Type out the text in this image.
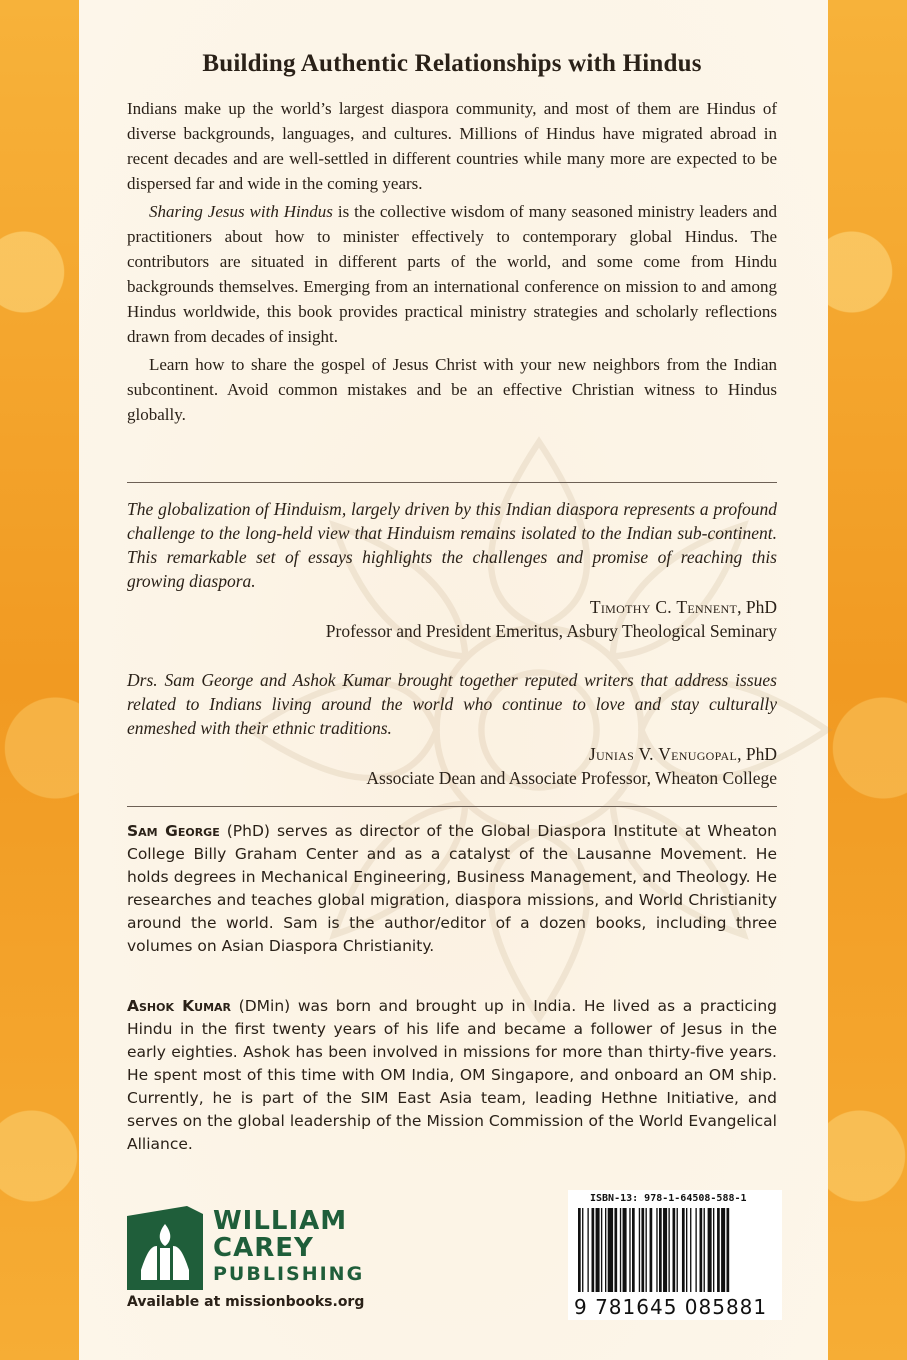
Building Authentic Relationships with Hindus

Indians make up the world’s largest diaspora community, and most of them are Hindus of diverse backgrounds, languages, and cultures. Millions of Hindus have migrated abroad in recent decades and are well-settled in different countries while many more are expected to be dispersed far and wide in the coming years.

Sharing Jesus with Hindus is the collective wisdom of many seasoned ministry leaders and practitioners about how to minister effectively to contemporary global Hindus. The contributors are situated in different parts of the world, and some come from Hindu backgrounds themselves. Emerging from an international conference on mission to and among Hindus worldwide, this book provides practical ministry strategies and scholarly reflections drawn from decades of insight.

Learn how to share the gospel of Jesus Christ with your new neighbors from the Indian subcontinent. Avoid common mistakes and be an effective Christian witness to Hindus globally.

The globalization of Hinduism, largely driven by this Indian diaspora represents a profound challenge to the long-held view that Hinduism remains isolated to the Indian sub-continent. This remarkable set of essays highlights the challenges and promise of reaching this growing diaspora.

Timothy C. Tennent, PhD

Professor and President Emeritus, Asbury Theological Seminary

Drs. Sam George and Ashok Kumar brought together reputed writers that address issues related to Indians living around the world who continue to love and stay culturally enmeshed with their ethnic traditions.

Junias V. Venugopal, PhD

Associate Dean and Associate Professor, Wheaton College

Sam George (PhD) serves as director of the Global Diaspora Institute at Wheaton College Billy Graham Center and as a catalyst of the Lausanne Movement. He holds degrees in Mechanical Engineering, Business Management, and Theology. He researches and teaches global migration, diaspora missions, and World Christianity around the world. Sam is the author/editor of a dozen books, including three volumes on Asian Diaspora Christianity.
Ashok Kumar (DMin) was born and brought up in India. He lived as a practicing Hindu in the first twenty years of his life and became a follower of Jesus in the early eighties. Ashok has been involved in missions for more than thirty-five years. He spent most of this time with OM India, OM Singapore, and onboard an OM ship. Currently, he is part of the SIM East Asia team, leading Hethne Initiative, and serves on the global leadership of the Mission Commission of the World Evangelical Alliance.
WILLIAM
CAREY
PUBLISHING
Available at missionbooks.org
ISBN-13: 978-1-64508-588-1
9 781645 085881
